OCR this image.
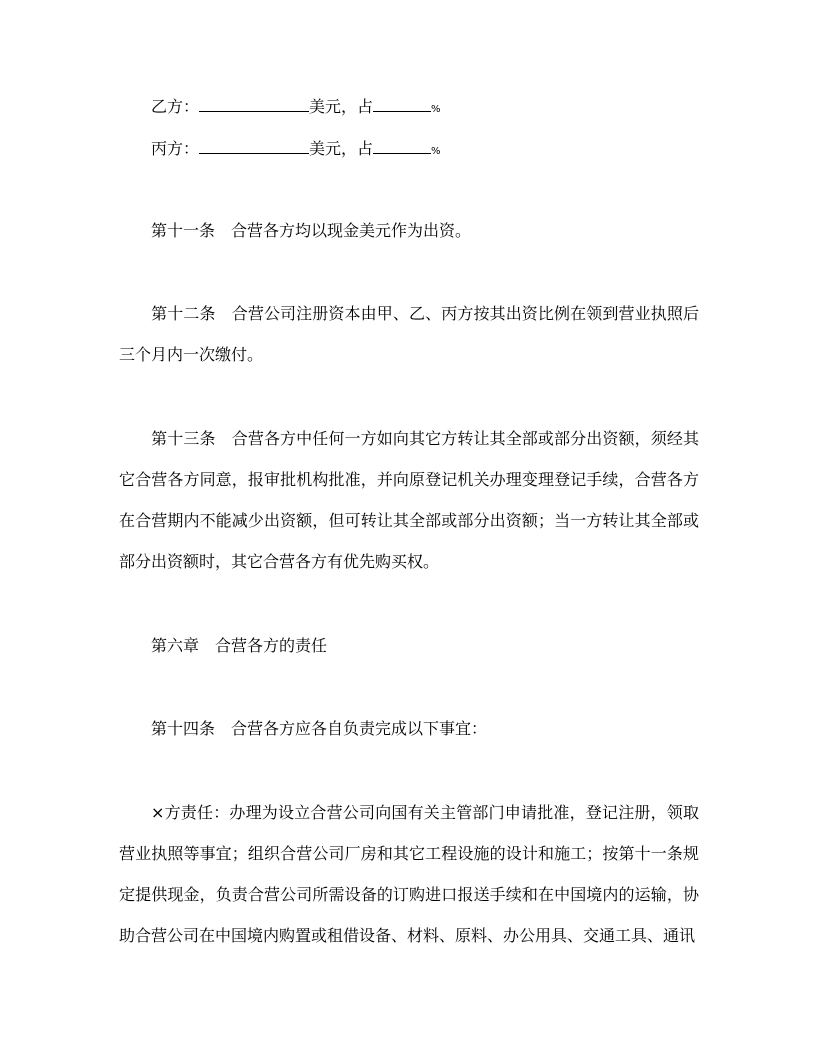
乙方：	美元，占	%
丙方：	美元，占	%
第十一条 合营各方均以现金美元作为出资。
第十二条 合营公司注册资本由甲、乙、丙方按其出资比例在领到营业执照后三个月内一次缴付。
第十三条 合营各方中任何一方如向其它方转让其全部或部分出资额，须经其它合营各方同意，报审批机构批准，并向原登记机关办理变理登记手续，合营各方在合营期内不能减少出资额，但可转让其全部或部分出资额；当一方转让其全部或部分出资额时，其它合营各方有优先购买权。
第六章 合营各方的责任
第十四条 合营各方应各自负责完成以下事宜：
×方责任：办理为设立合营公司向国有关主管部门申请批准，登记注册，领取营业执照等事宜；组织合营公司厂房和其它工程设施的设计和施工；按第十一条规定提供现金，负责合营公司所需设备的订购进口报送手续和在中国境内的运输，协助合营公司在中国境内购置或租借设备、材料、原料、办公用具、交通工具、通讯
